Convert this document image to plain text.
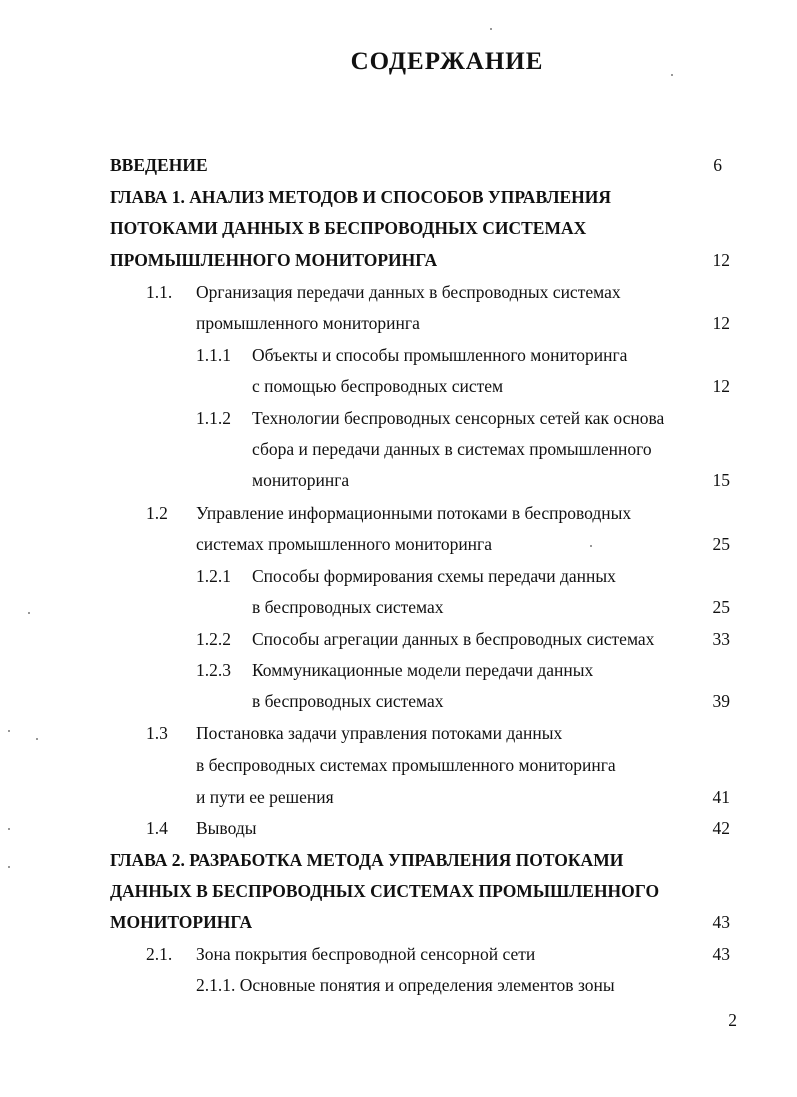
СОДЕРЖАНИЕ
ВВЕДЕНИЕ	6
ГЛАВА 1. АНАЛИЗ МЕТОДОВ И СПОСОБОВ УПРАВЛЕНИЯ
ПОТОКАМИ ДАННЫХ В БЕСПРОВОДНЫХ СИСТЕМАХ
ПРОМЫШЛЕННОГО МОНИТОРИНГА	12
1.1. Организация передачи данных в беспроводных системах
промышленного мониторинга	12
1.1.1 Объекты и способы промышленного мониторинга
с помощью беспроводных систем	12
1.1.2 Технологии беспроводных сенсорных сетей как основа
сбора и передачи данных в системах промышленного
мониторинга	15
1.2 Управление информационными потоками в беспроводных
системах промышленного мониторинга	25
1.2.1 Способы формирования схемы передачи данных
в беспроводных системах	25
1.2.2 Способы агрегации данных в беспроводных системах	33
1.2.3 Коммуникационные модели передачи данных
в беспроводных системах	39
1.3 Постановка задачи управления потоками данных
в беспроводных системах промышленного мониторинга
и пути ее решения	41
1.4 Выводы	42
ГЛАВА 2. РАЗРАБОТКА МЕТОДА УПРАВЛЕНИЯ ПОТОКАМИ
ДАННЫХ В БЕСПРОВОДНЫХ СИСТЕМАХ ПРОМЫШЛЕННОГО
МОНИТОРИНГА	43
2.1. Зона покрытия беспроводной сенсорной сети	43
2.1.1. Основные понятия и определения элементов зоны
2
